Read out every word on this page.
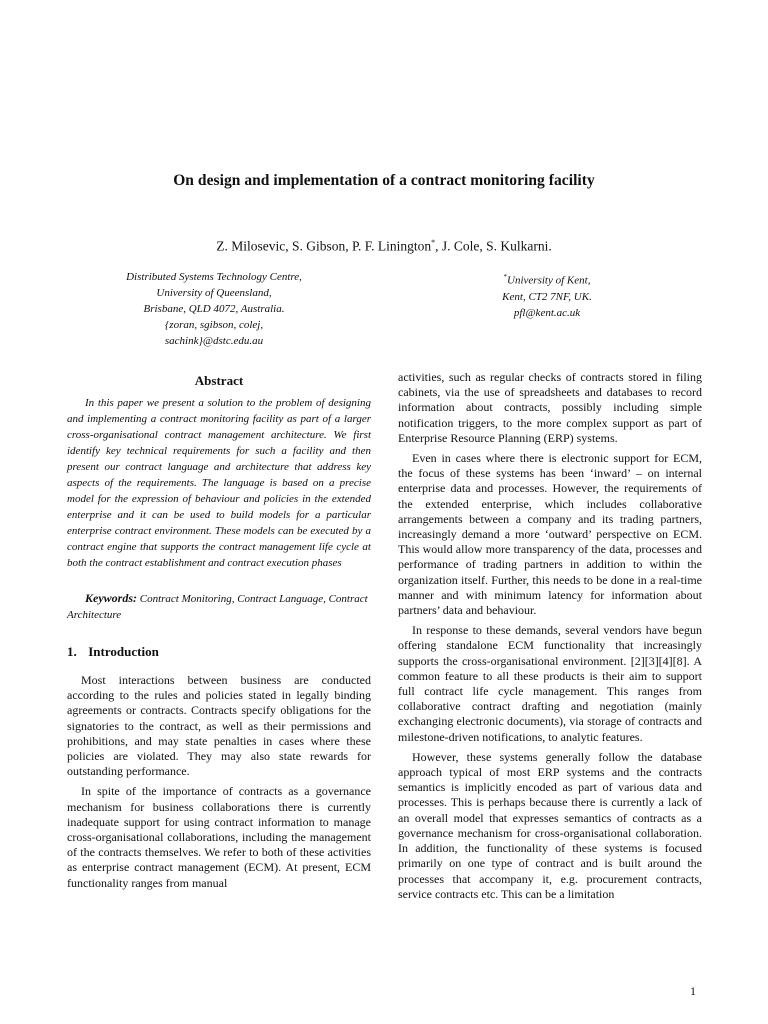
On design and implementation of a contract monitoring facility
Z. Milosevic, S. Gibson, P. F. Linington*, J. Cole, S. Kulkarni.
Distributed Systems Technology Centre,
University of Queensland,
Brisbane, QLD 4072, Australia.
{zoran, sgibson, colej,
sachink}@dstc.edu.au
*University of Kent,
Kent, CT2 7NF, UK.
pfl@kent.ac.uk
Abstract

In this paper we present a solution to the problem of designing and implementing a contract monitoring facility as part of a larger cross-organisational contract management architecture. We first identify key technical requirements for such a facility and then present our contract language and architecture that address key aspects of the requirements. The language is based on a precise model for the expression of behaviour and policies in the extended enterprise and it can be used to build models for a particular enterprise contract environment. These models can be executed by a contract engine that supports the contract management life cycle at both the contract establishment and contract execution phases

Keywords: Contract Monitoring, Contract Language, Contract Architecture

1. Introduction

Most interactions between business are conducted according to the rules and policies stated in legally binding agreements or contracts. Contracts specify obligations for the signatories to the contract, as well as their permissions and prohibitions, and may state penalties in cases where these policies are violated. They may also state rewards for outstanding performance.

In spite of the importance of contracts as a governance mechanism for business collaborations there is currently inadequate support for using contract information to manage cross-organisational collaborations, including the management of the contracts themselves. We refer to both of these activities as enterprise contract management (ECM). At present, ECM functionality ranges from manual

activities, such as regular checks of contracts stored in filing cabinets, via the use of spreadsheets and databases to record information about contracts, possibly including simple notification triggers, to the more complex support as part of Enterprise Resource Planning (ERP) systems.

Even in cases where there is electronic support for ECM, the focus of these systems has been ‘inward’ – on internal enterprise data and processes. However, the requirements of the extended enterprise, which includes collaborative arrangements between a company and its trading partners, increasingly demand a more ‘outward’ perspective on ECM. This would allow more transparency of the data, processes and performance of trading partners in addition to within the organization itself. Further, this needs to be done in a real-time manner and with minimum latency for information about partners’ data and behaviour.

In response to these demands, several vendors have begun offering standalone ECM functionality that increasingly supports the cross-organisational environment. [2][3][4][8]. A common feature to all these products is their aim to support full contract life cycle management. This ranges from collaborative contract drafting and negotiation (mainly exchanging electronic documents), via storage of contracts and milestone-driven notifications, to analytic features.

However, these systems generally follow the database approach typical of most ERP systems and the contracts semantics is implicitly encoded as part of various data and processes. This is perhaps because there is currently a lack of an overall model that expresses semantics of contracts as a governance mechanism for cross-organisational collaboration. In addition, the functionality of these systems is focused primarily on one type of contract and is built around the processes that accompany it, e.g. procurement contracts, service contracts etc. This can be a limitation

1
